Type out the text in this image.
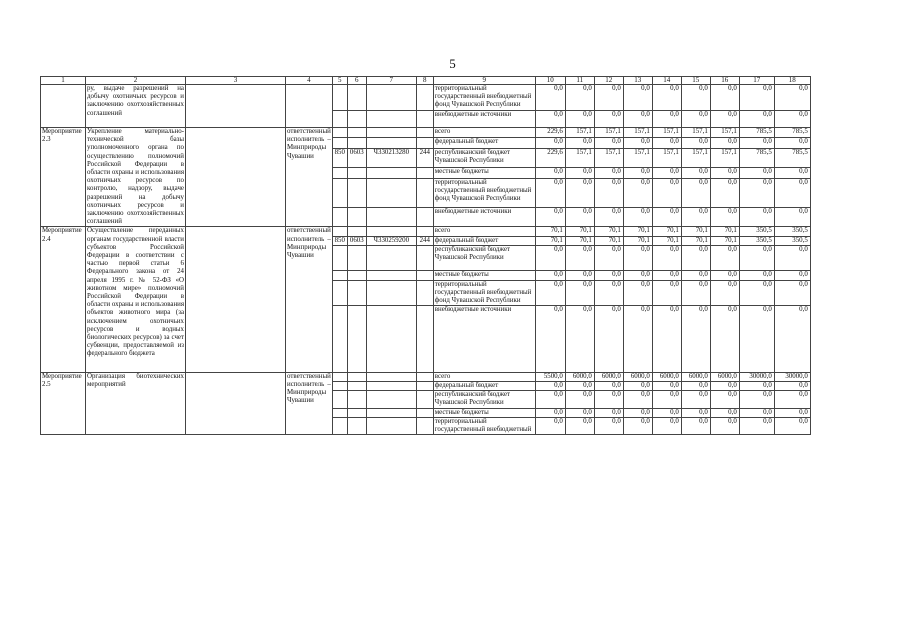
5
1	2	3	4	5	6	7	8	9	10	11	12	13	14	15	16	17	18
	ру, выдаче разрешений на добычу охотничьих ресурсов и заключению охотхозяйственных соглашений							территориальный государственный внебюджетный фонд Чувашской Республики	0,0	0,0	0,0	0,0	0,0	0,0	0,0	0,0	0,0
								внебюджетные источники	0,0	0,0	0,0	0,0	0,0	0,0	0,0	0,0	0,0
Мероприятие 2.3	Укрепление материально-технической базы уполномоченного органа по осуществлению полномочий Российской Федерации в области охраны и использования охотничьих ресурсов по контролю, надзору, выдаче разрешений на добычу охотничьих ресурсов и заключению охотхозяйственных соглашений		ответственный исполнитель – Минприроды Чувашии					всего	229,6	157,1	157,1	157,1	157,1	157,1	157,1	785,5	785,5
								федеральный бюджет	0,0	0,0	0,0	0,0	0,0	0,0	0,0	0,0	0,0
				850	0603	Ч330213280	244	республиканский бюджет Чувашской Республики	229,6	157,1	157,1	157,1	157,1	157,1	157,1	785,5	785,5
								местные бюджеты	0,0	0,0	0,0	0,0	0,0	0,0	0,0	0,0	0,0
								территориальный государственный внебюджетный фонд Чувашской Республики	0,0	0,0	0,0	0,0	0,0	0,0	0,0	0,0	0,0
								внебюджетные источники	0,0	0,0	0,0	0,0	0,0	0,0	0,0	0,0	0,0
Мероприятие 2.4	Осуществление переданных органам государственной власти субъектов Российской Федерации в соответствии с частью первой статьи 6 Федерального закона от 24 апреля 1995 г. № 52-ФЗ «О животном мире» полномочий Российской Федерации в области охраны и использования объектов животного мира (за исключением охотничьих ресурсов и водных биологических ресурсов) за счет субвенции, предоставляемой из федерального бюджета		ответственный исполнитель – Минприроды Чувашии					всего	70,1	70,1	70,1	70,1	70,1	70,1	70,1	350,5	350,5
				850	0603	Ч330259200	244	федеральный бюджет	70,1	70,1	70,1	70,1	70,1	70,1	70,1	350,5	350,5
								республиканский бюджет Чувашской Республики	0,0	0,0	0,0	0,0	0,0	0,0	0,0	0,0	0,0
								местные бюджеты	0,0	0,0	0,0	0,0	0,0	0,0	0,0	0,0	0,0
								территориальный государственный внебюджетный фонд Чувашской Республики	0,0	0,0	0,0	0,0	0,0	0,0	0,0	0,0	0,0
								внебюджетные источники	0,0	0,0	0,0	0,0	0,0	0,0	0,0	0,0	0,0
Мероприятие 2.5	Организация биотехнических мероприятий		ответственный исполнитель – Минприроды Чувашии					всего	5500,0	6000,0	6000,0	6000,0	6000,0	6000,0	6000,0	30000,0	30000,0
								федеральный бюджет	0,0	0,0	0,0	0,0	0,0	0,0	0,0	0,0	0,0
								республиканский бюджет Чувашской Республики	0,0	0,0	0,0	0,0	0,0	0,0	0,0	0,0	0,0
								местные бюджеты	0,0	0,0	0,0	0,0	0,0	0,0	0,0	0,0	0,0
								территориальный государственный внебюджетный	0,0	0,0	0,0	0,0	0,0	0,0	0,0	0,0	0,0
